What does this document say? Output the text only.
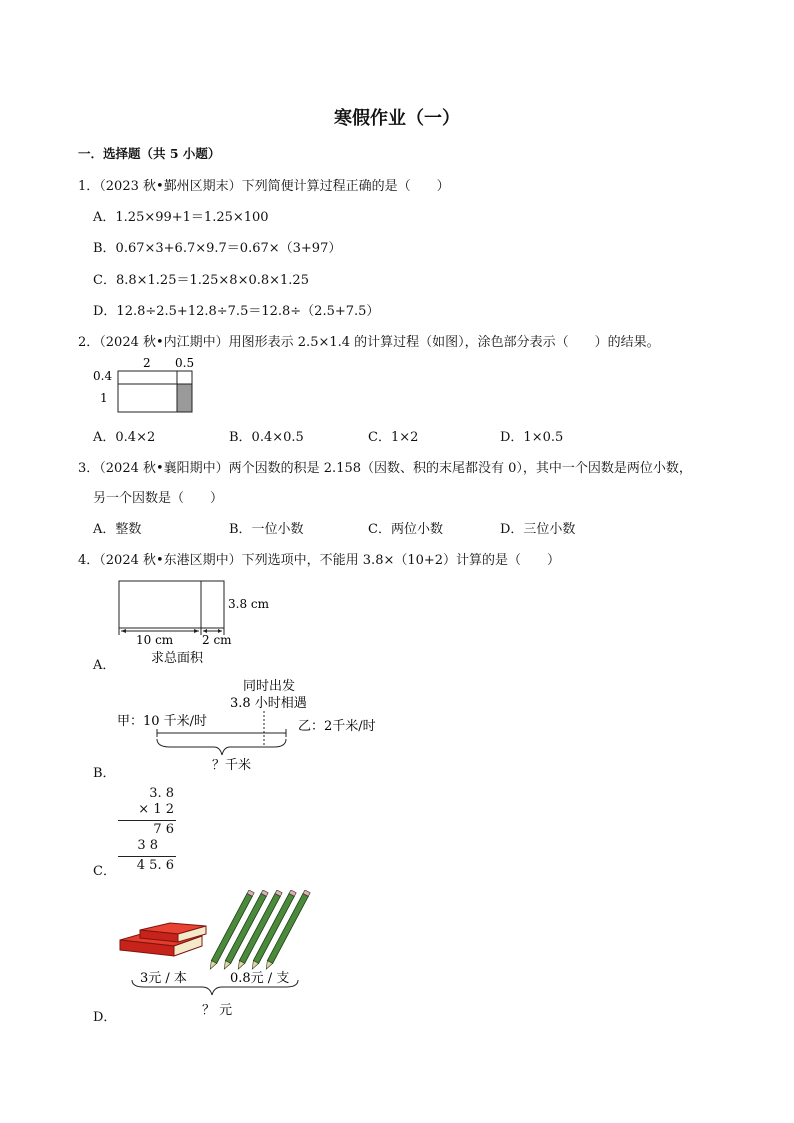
寒假作业（一）
一．选择题（共 5 小题）
1．（2023 秋•鄞州区期末）下列简便计算过程正确的是（　　）
A．1.25×99+1＝1.25×100
B．0.67×3+6.7×9.7＝0.67×（3+97）
C．8.8×1.25＝1.25×8×0.8×1.25
D．12.8÷2.5+12.8÷7.5＝12.8÷（2.5+7.5）
2．（2024 秋•内江期中）用图形表示 2.5×1.4 的计算过程（如图），涂色部分表示（　　）的结果。
2 0.5
0.4
1
A．0.4×2	B．0.4×0.5	C．1×2	D．1×0.5
3．（2024 秋•襄阳期中）两个因数的积是 2.158（因数、积的末尾都没有 0），其中一个因数是两位小数，
另一个因数是（　　）
A．整数	B．一位小数	C．两位小数	D．三位小数
4．（2024 秋•东港区期中）下列选项中，不能用 3.8×（10+2）计算的是（　　）
3.8 cm
10 cm 2 cm
求总面积
A．
同时出发
3.8 小时相遇
甲：10 千米/时	乙：2千米/时
？千米
B．
3. 8
× 1 2
7 6
3 8
4 5. 6
C．
3元 / 本	0.8元 / 支
？ 元
D．
